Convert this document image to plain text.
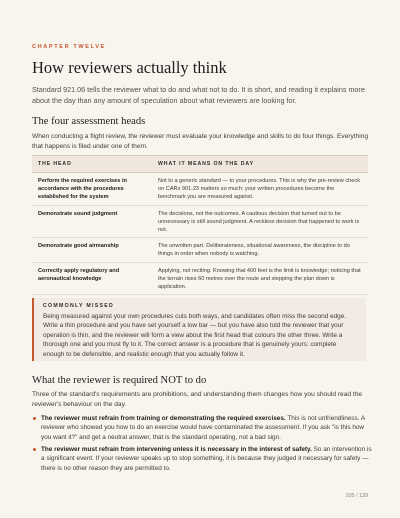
CHAPTER TWELVE
How reviewers actually think

Standard 921.06 tells the reviewer what to do and what not to do. It is short, and reading it explains more about the day than any amount of speculation about what reviewers are looking for.

The four assessment heads

When conducting a flight review, the reviewer must evaluate your knowledge and skills to do four things. Everything that happens is filed under one of them.

THE HEAD	WHAT IT MEANS ON THE DAY
Perform the required exercises in accordance with the procedures established for the system	Not to a generic standard — to your procedures. This is why the pre-review check on CARs 901.23 matters so much: your written procedures become the benchmark you are measured against.
Demonstrate sound judgment	The decisions, not the outcomes. A cautious decision that turned out to be unnecessary is still sound judgment. A reckless decision that happened to work is not.
Demonstrate good airmanship	The unwritten part. Deliberateness, situational awareness, the discipline to do things in order when nobody is watching.
Correctly apply regulatory and aeronautical knowledge	Applying, not reciting. Knowing that 400 feet is the limit is knowledge; noticing that the terrain rises 60 metres over the route and stepping the plan down is application.
COMMONLY MISSED

Being measured against your own procedures cuts both ways, and candidates often miss the second edge. Write a thin procedure and you have set yourself a low bar — but you have also told the reviewer that your operation is thin, and the reviewer will form a view about the first head that colours the other three. Write a thorough one and you must fly to it. The correct answer is a procedure that is genuinely yours: complete enough to be defensible, and realistic enough that you actually follow it.

What the reviewer is required NOT to do

Three of the standard's requirements are prohibitions, and understanding them changes how you should read the reviewer's behaviour on the day.

The reviewer must refrain from training or demonstrating the required exercises. This is not unfriendliness. A reviewer who showed you how to do an exercise would have contaminated the assessment. If you ask "is this how you want it?" and get a neutral answer, that is the standard operating, not a bad sign.
The reviewer must refrain from intervening unless it is necessary in the interest of safety. So an intervention is a significant event. If your reviewer speaks up to stop something, it is because they judged it necessary for safety — there is no other reason they are permitted to.
105 / 139
